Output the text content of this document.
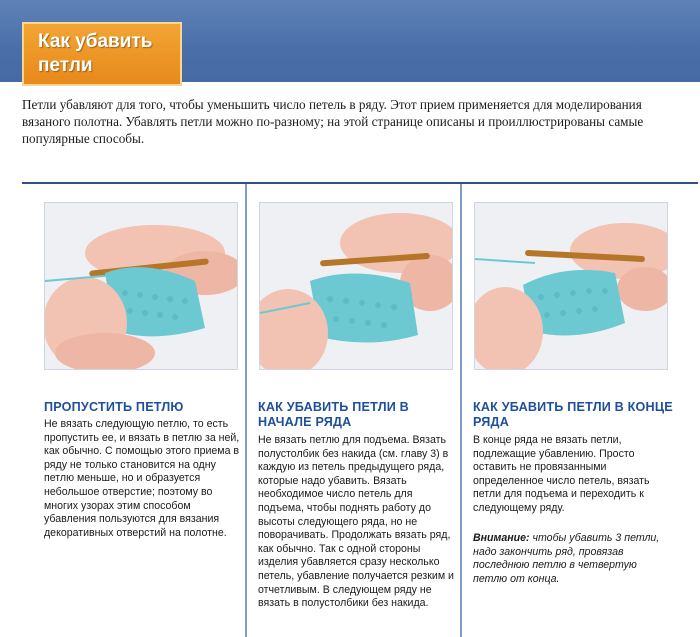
Как убавить
петли
Петли убавляют для того, чтобы уменьшить число петель в ряду. Этот прием применяется для моделирования вязаного полотна. Убавлять петли можно по-разному; на этой странице описаны и проиллюстрированы самые популярные способы.
ПРОПУСТИТЬ ПЕТЛЮ
Не вязать следующую петлю, то есть пропустить ее, и вязать в петлю за ней, как обычно. С помощью этого приема в ряду не только становится на одну петлю меньше, но и образуется небольшое отверстие; поэтому во многих узорах этим способом убавления пользуются для вязания декоративных отверстий на полотне.
КАК УБАВИТЬ ПЕТЛИ В НАЧАЛЕ РЯДА
Не вязать петлю для подъема. Вязать полустолбик без накида (см. главу 3) в каждую из петель предыдущего ряда, которые надо убавить. Вязать необходимое число петель для подъема, чтобы поднять работу до высоты следующего ряда, но не поворачивать. Продолжать вязать ряд, как обычно. Так с одной стороны изделия убавляется сразу несколько петель, убавление получается резким и отчетливым. В следующем ряду не вязать в полустолбики без накида.
КАК УБАВИТЬ ПЕТЛИ В КОНЦЕ РЯДА
В конце ряда не вязать петли, подлежащие убавлению. Просто оставить не провязанными определенное число петель, вязать петли для подъема и переходить к следующему ряду.
Внимание: чтобы убавить 3 петли, надо закончить ряд, провязав последнюю петлю в четвертую петлю от конца.
